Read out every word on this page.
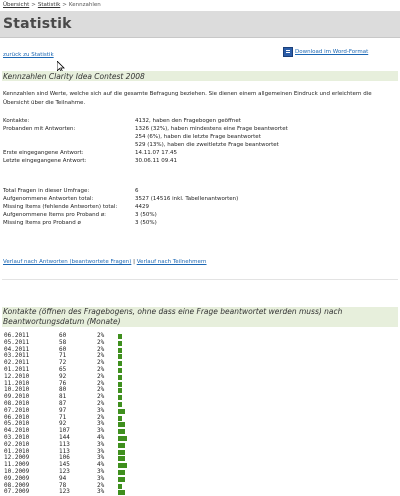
Übersicht > Statistik > Kennzahlen
Statistik
zurück zu Statistik	Download im Word-Format
Kennzahlen Clarity Idea Contest 2008
Kennzahlen sind Werte, welche sich auf die gesamte Befragung beziehen. Sie dienen einem allgemeinen Eindruck und erleichtern die Übersicht über die Teilnahme.
Kontakte:	4132, haben den Fragebogen geöffnet
Probanden mit Antworten:	1326 (32%), haben mindestens eine Frage beantwortet
254 (6%), haben die letzte Frage beantwortet
529 (13%), haben die zweitletzte Frage beantwortet
Erste eingegangene Antwort:	14.11.07 17.45
Letzte eingegangene Antwort:	30.06.11 09.41
Total Fragen in dieser Umfrage:	6
Aufgenommene Antworten total:	3527 (14516 inkl. Tabellenantworten)
Missing Items (fehlende Antworten) total:	4429
Aufgenommene Items pro Proband ø:	3 (50%)
Missing Items pro Proband ø	3 (50%)
Verlauf nach Antworten (beantwortete Fragen) | Verlauf nach Teilnehmern
Kontakte (öffnen des Fragebogens, ohne dass eine Frage beantwortet werden muss) nach Beantwortungsdatum (Monate)
06.2011	60	2%
05.2011	58	2%
04.2011	60	2%
03.2011	71	2%
02.2011	72	2%
01.2011	65	2%
12.2010	92	2%
11.2010	76	2%
10.2010	80	2%
09.2010	81	2%
08.2010	87	2%
07.2010	97	3%
06.2010	71	2%
05.2010	92	3%
04.2010	107	3%
03.2010	144	4%
02.2010	113	3%
01.2010	113	3%
12.2009	106	3%
11.2009	145	4%
10.2009	123	3%
09.2009	94	3%
08.2009	78	2%
07.2009	123	3%
